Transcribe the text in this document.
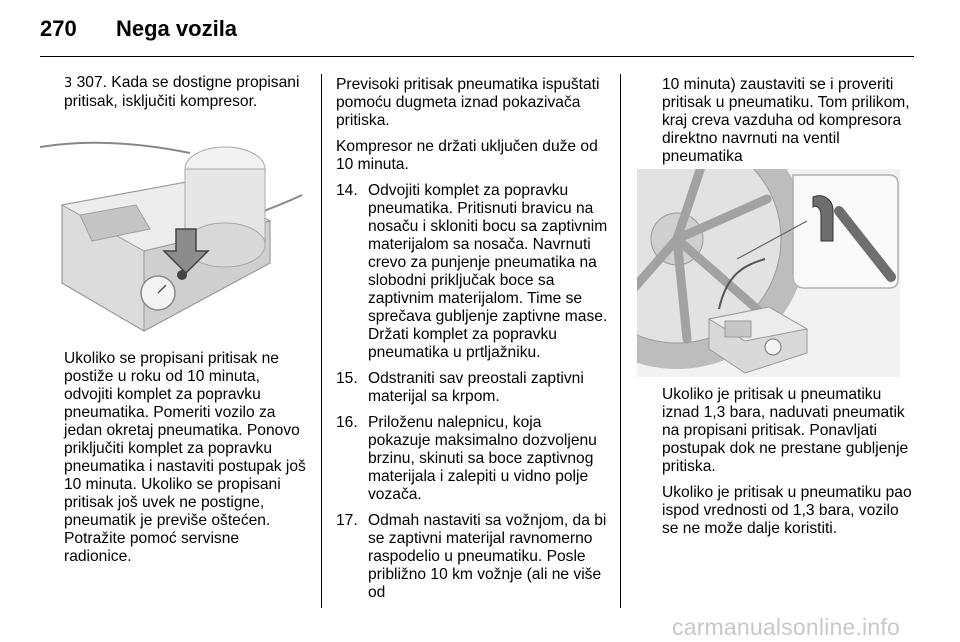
270 Nega vozila
3 307. Kada se dostigne propisani pritisak, isključiti kompresor.
Ukoliko se propisani pritisak ne postiže u roku od 10 minuta, odvojiti komplet za popravku pneumatika. Pomeriti vozilo za jedan okretaj pneumatika. Ponovo priključiti komplet za popravku pneumatika i nastaviti postupak još 10 minuta. Ukoliko se propisani pritisak još uvek ne postigne, pneumatik je previše oštećen. Potražite pomoć servisne radionice.

Previsoki pritisak pneumatika ispuštati pomoću dugmeta iznad pokazivača pritiska.

Kompresor ne držati uključen duže od 10 minuta.

14. Odvojiti komplet za popravku pneumatika. Pritisnuti bravicu na nosaču i skloniti bocu sa zaptivnim materijalom sa nosača. Navrnuti crevo za punjenje pneumatika na slobodni priključak boce sa zaptivnim materijalom. Time se sprečava gubljenje zaptivne mase. Držati komplet za popravku pneumatika u prtljažniku.
15. Odstraniti sav preostali zaptivni materijal sa krpom.
16. Priloženu nalepnicu, koja pokazuje maksimalno dozvoljenu brzinu, skinuti sa boce zaptivnog materijala i zalepiti u vidno polje vozača.
17. Odmah nastaviti sa vožnjom, da bi se zaptivni materijal ravnomerno raspodelio u pneumatiku. Posle približno 10 km vožnje (ali ne više od
10 minuta) zaustaviti se i proveriti pritisak u pneumatiku. Tom prilikom, kraj creva vazduha od kompresora direktno navrnuti na ventil pneumatika

Ukoliko je pritisak u pneumatiku iznad 1,3 bara, naduvati pneumatik na propisani pritisak. Ponavljati postupak dok ne prestane gubljenje pritiska.

Ukoliko je pritisak u pneumatiku pao ispod vrednosti od 1,3 bara, vozilo se ne može dalje koristiti.

carmanualsonline.info
